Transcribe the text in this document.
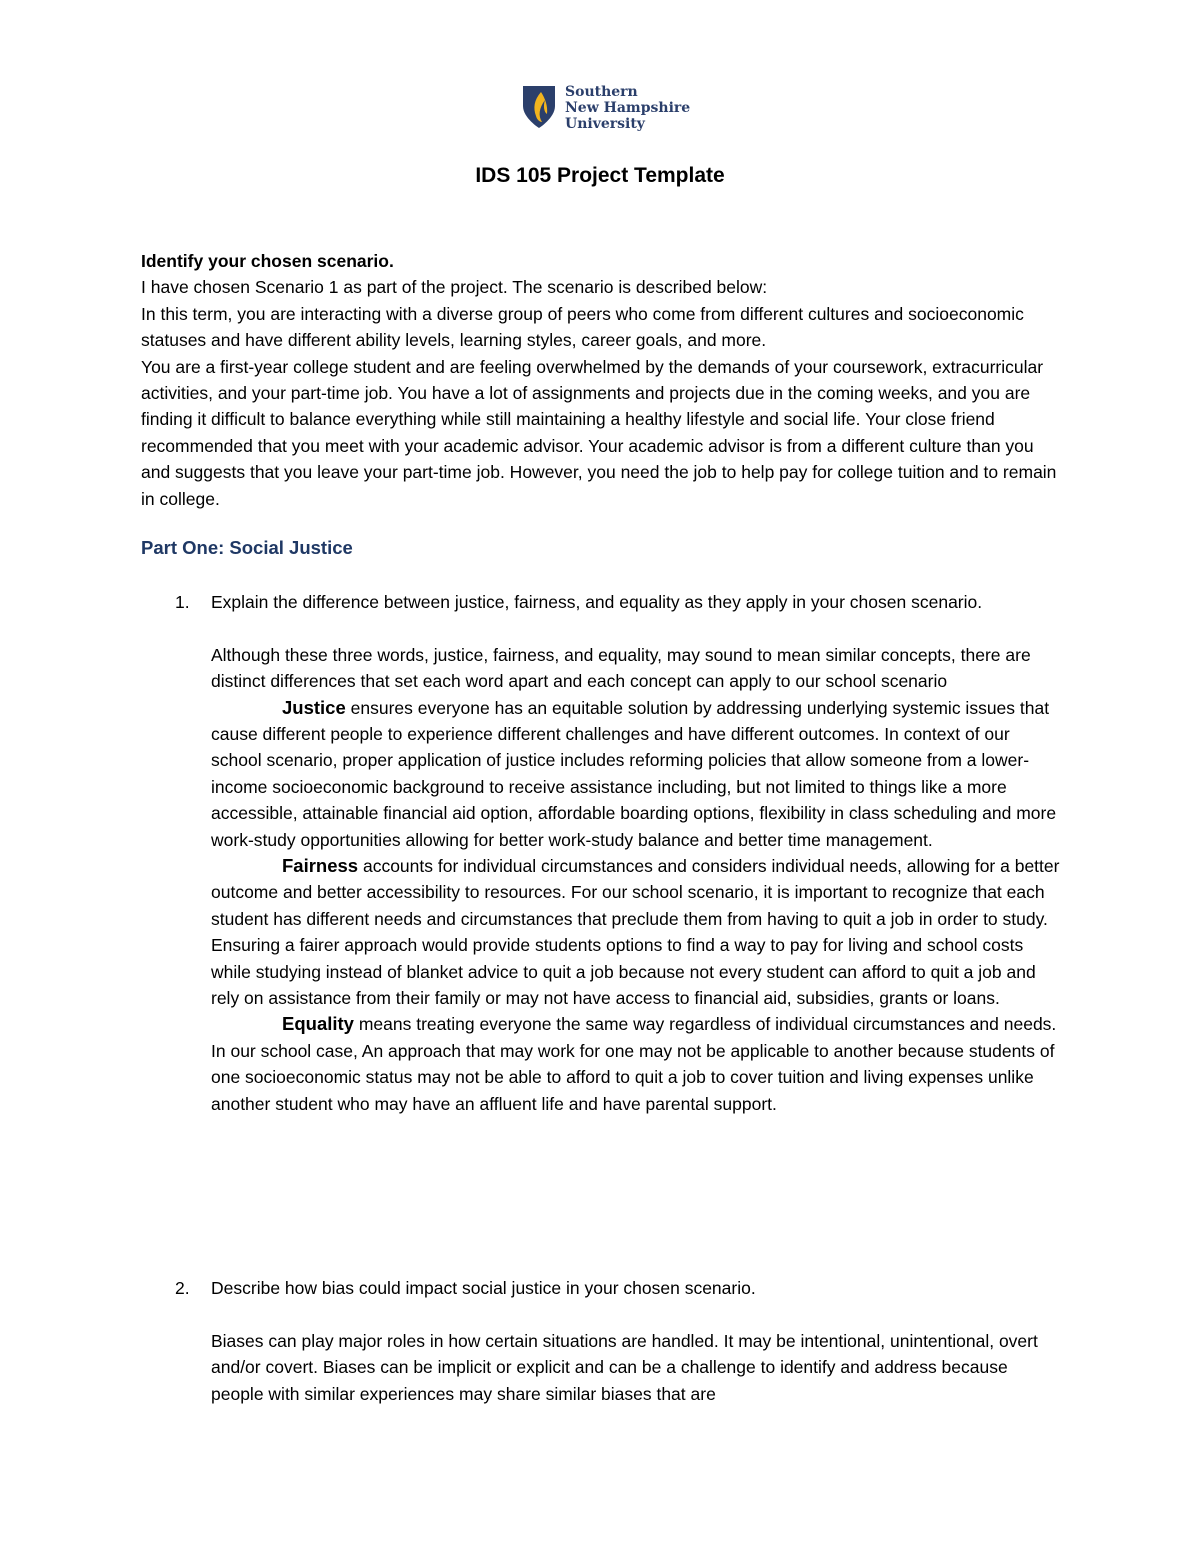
Southern
New Hampshire
University
IDS 105 Project Template

Identify your chosen scenario.

I have chosen Scenario 1 as part of the project. The scenario is described below:

In this term, you are interacting with a diverse group of peers who come from different cultures and socioeconomic statuses and have different ability levels, learning styles, career goals, and more.

You are a first-year college student and are feeling overwhelmed by the demands of your coursework, extracurricular activities, and your part-time job. You have a lot of assignments and projects due in the coming weeks, and you are finding it difficult to balance everything while still maintaining a healthy lifestyle and social life. Your close friend recommended that you meet with your academic advisor. Your academic advisor is from a different culture than you and suggests that you leave your part-time job. However, you need the job to help pay for college tuition and to remain in college.

Part One: Social Justice
1. Explain the difference between justice, fairness, and equality as they apply in your chosen scenario.

Although these three words, justice, fairness, and equality, may sound to mean similar concepts, there are distinct differences that set each word apart and each concept can apply to our school scenario

Justice ensures everyone has an equitable solution by addressing underlying systemic issues that cause different people to experience different challenges and have different outcomes. In context of our school scenario, proper application of justice includes reforming policies that allow someone from a lower-income socioeconomic background to receive assistance including, but not limited to things like a more accessible, attainable financial aid option, affordable boarding options, flexibility in class scheduling and more work-study opportunities allowing for better work-study balance and better time management.

Fairness accounts for individual circumstances and considers individual needs, allowing for a better outcome and better accessibility to resources. For our school scenario, it is important to recognize that each student has different needs and circumstances that preclude them from having to quit a job in order to study. Ensuring a fairer approach would provide students options to find a way to pay for living and school costs while studying instead of blanket advice to quit a job because not every student can afford to quit a job and rely on assistance from their family or may not have access to financial aid, subsidies, grants or loans.

Equality means treating everyone the same way regardless of individual circumstances and needs. In our school case, An approach that may work for one may not be applicable to another because students of one socioeconomic status may not be able to afford to quit a job to cover tuition and living expenses unlike another student who may have an affluent life and have parental support.

2. Describe how bias could impact social justice in your chosen scenario.

Biases can play major roles in how certain situations are handled. It may be intentional, unintentional, overt and/or covert. Biases can be implicit or explicit and can be a challenge to identify and address because people with similar experiences may share similar biases that are
